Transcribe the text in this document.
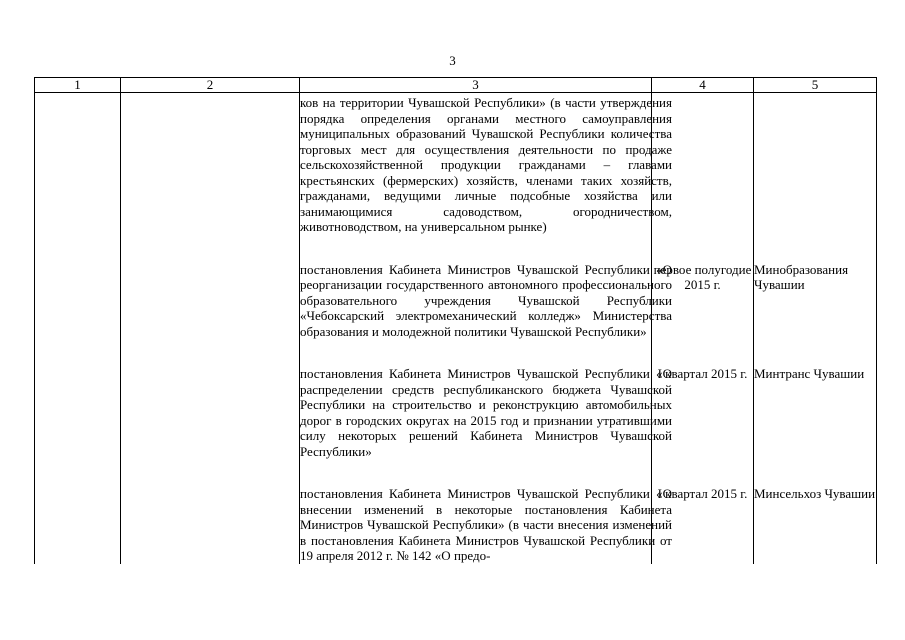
3
1	2	3	4	5

		ков на территории Чувашской Республики» (в части утверждения порядка определения органами местного самоуправления муниципальных образований Чувашской Республики количества торговых мест для осуществления деятельности по продаже сельскохозяйственной продукции гражданами – главами крестьянских (фермерских) хозяйств, членами таких хозяйств, гражданами, ведущими личные подсобные хозяйства или занимающимися садоводством, огородничеством, животноводством, на универсальном рынке)		

		постановления Кабинета Министров Чувашской Республики «О реорганизации государственного автономного профессионального образовательного учреждения Чувашской Республики «Чебоксарский электромеханический колледж» Министерства образования и молодежной политики Чувашской Республики»	первое полугодие 2015 г.	Минобразования Чувашии

		постановления Кабинета Министров Чувашской Республики «О распределении средств республиканского бюджета Чувашской Республики на строительство и реконструкцию автомобильных дорог в городских округах на 2015 год и признании утратившими силу некоторых решений Кабинета Министров Чувашской Республики»	I квартал 2015 г.	Минтранс Чувашии

		постановления Кабинета Министров Чувашской Республики «О внесении изменений в некоторые постановления Кабинета Министров Чувашской Республики» (в части внесения изменений в постановления Кабинета Министров Чувашской Республики от 19 апреля 2012 г. № 142 «О предо-	I квартал 2015 г.	Минсельхоз Чувашии
